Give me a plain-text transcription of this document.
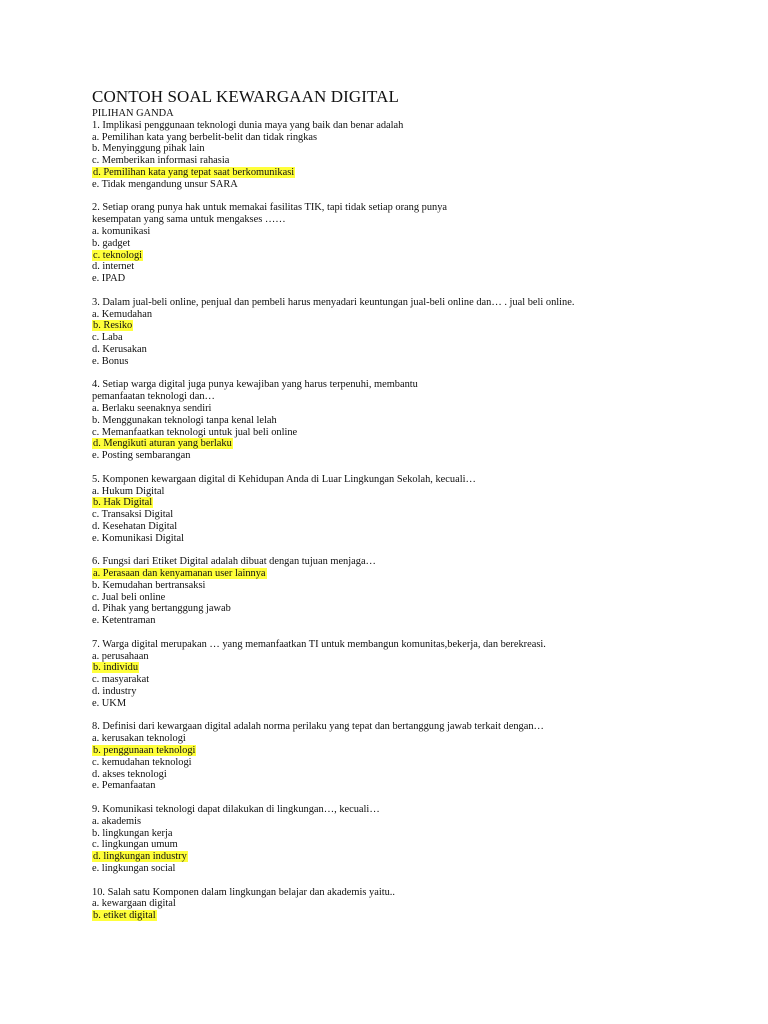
CONTOH SOAL KEWARGAAN DIGITAL
PILIHAN GANDA
1. Implikasi penggunaan teknologi dunia maya yang baik dan benar adalah
a. Pemilihan kata yang berbelit-belit dan tidak ringkas
b. Menyinggung pihak lain
c. Memberikan informasi rahasia
d. Pemilihan kata yang tepat saat berkomunikasi
e. Tidak mengandung unsur SARA
2. Setiap orang punya hak untuk memakai fasilitas TIK, tapi tidak setiap orang punya
kesempatan yang sama untuk mengakses ……
a. komunikasi
b. gadget
c. teknologi
d. internet
e. IPAD
3. Dalam jual-beli online, penjual dan pembeli harus menyadari keuntungan jual-beli online dan… . jual beli online.
a. Kemudahan
b. Resiko
c. Laba
d. Kerusakan
e. Bonus
4. Setiap warga digital juga punya kewajiban yang harus terpenuhi, membantu
pemanfaatan teknologi dan…
a. Berlaku seenaknya sendiri
b. Menggunakan teknologi tanpa kenal lelah
c. Memanfaatkan teknologi untuk jual beli online
d. Mengikuti aturan yang berlaku
e. Posting sembarangan
5. Komponen kewargaan digital di Kehidupan Anda di Luar Lingkungan Sekolah, kecuali…
a. Hukum Digital
b. Hak Digital
c. Transaksi Digital
d. Kesehatan Digital
e. Komunikasi Digital
6. Fungsi dari Etiket Digital adalah dibuat dengan tujuan menjaga…
a. Perasaan dan kenyamanan user lainnya
b. Kemudahan bertransaksi
c. Jual beli online
d. Pihak yang bertanggung jawab
e. Ketentraman
7. Warga digital merupakan … yang memanfaatkan TI untuk membangun komunitas,bekerja, dan berekreasi.
a. perusahaan
b. individu
c. masyarakat
d. industry
e. UKM
8. Definisi dari kewargaan digital adalah norma perilaku yang tepat dan bertanggung jawab terkait dengan…
a. kerusakan teknologi
b. penggunaan teknologi
c. kemudahan teknologi
d. akses teknologi
e. Pemanfaatan
9. Komunikasi teknologi dapat dilakukan di lingkungan…, kecuali…
a. akademis
b. lingkungan kerja
c. lingkungan umum
d. lingkungan industry
e. lingkungan social
10. Salah satu Komponen dalam lingkungan belajar dan akademis yaitu..
a. kewargaan digital
b. etiket digital
